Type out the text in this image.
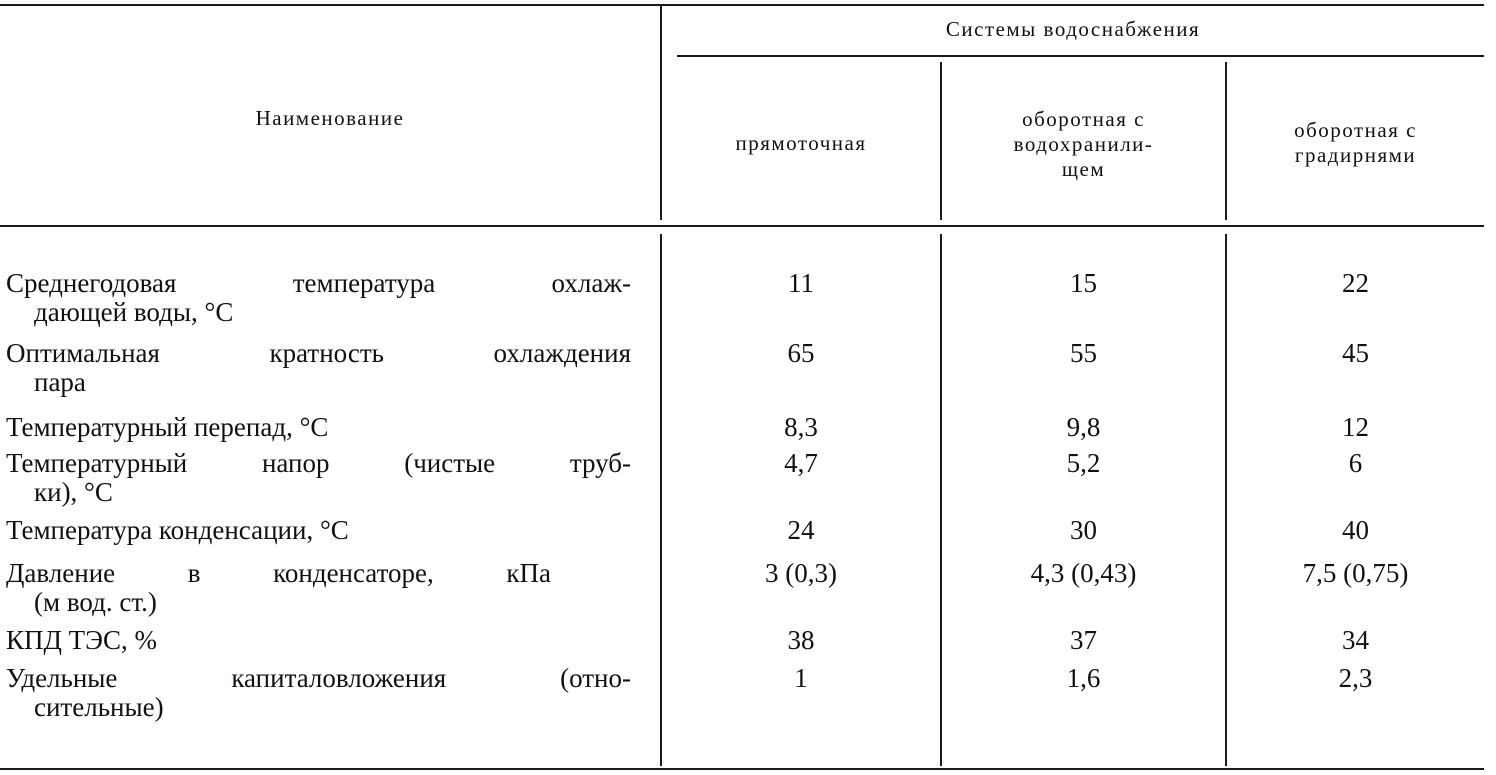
Наименование
Системы водоснабжения
прямоточная
оборотная с
водохранили-
щем
оборотная с
градирнями
Среднегодовая температура охлаж-
дающей воды, °С
Оптимальная кратность охлаждения
пара
Температурный перепад, °С
Температурный напор (чистые труб-
ки), °С
Температура конденсации, °С
Давление в конденсаторе, кПа
(м вод. ст.)
КПД ТЭС, %
Удельные капиталовложения (отно-
сительные)
11
65
8,3
4,7
24
3 (0,3)
38
1
15
55
9,8
5,2
30
4,3 (0,43)
37
1,6
22
45
12
6
40
7,5 (0,75)
34
2,3
